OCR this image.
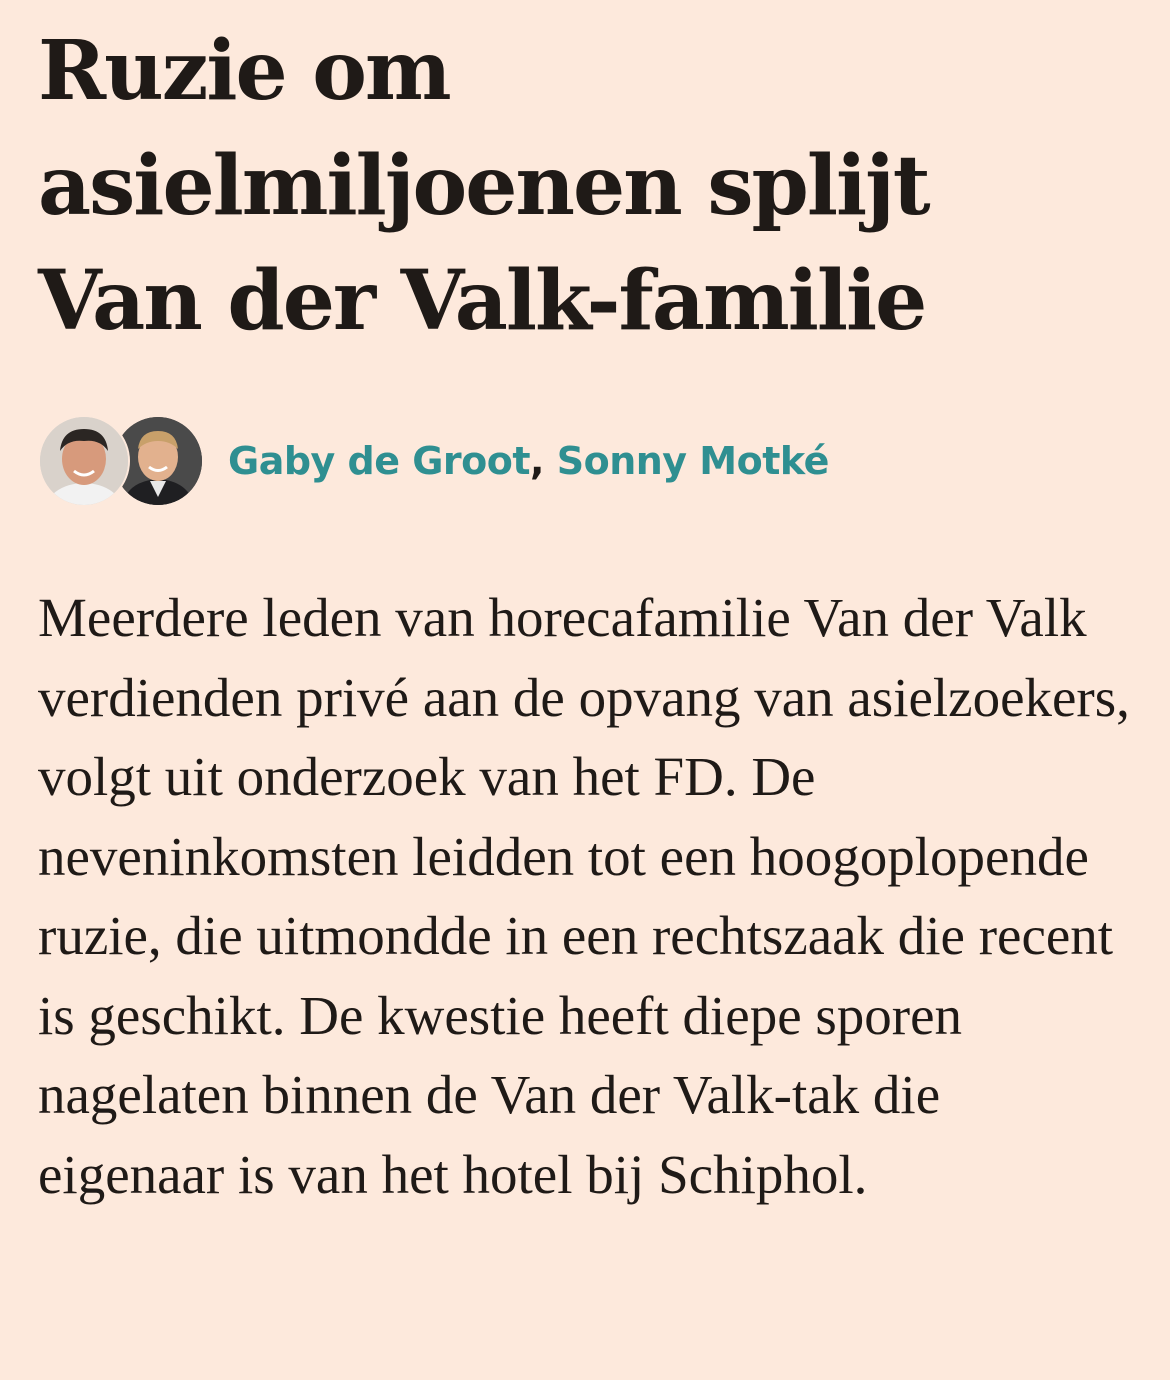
Ruzie om asielmiljoenen splijt Van der Valk-familie
Gaby de Groot, Sonny Motké

Meerdere leden van horecafamilie Van der Valk verdienden privé aan de opvang van asielzoekers, volgt uit onderzoek van het FD. De neveninkomsten leidden tot een hoogoplopende ruzie, die uitmondde in een rechtszaak die recent is geschikt. De kwestie heeft diepe sporen nagelaten binnen de Van der Valk-tak die eigenaar is van het hotel bij Schiphol.
